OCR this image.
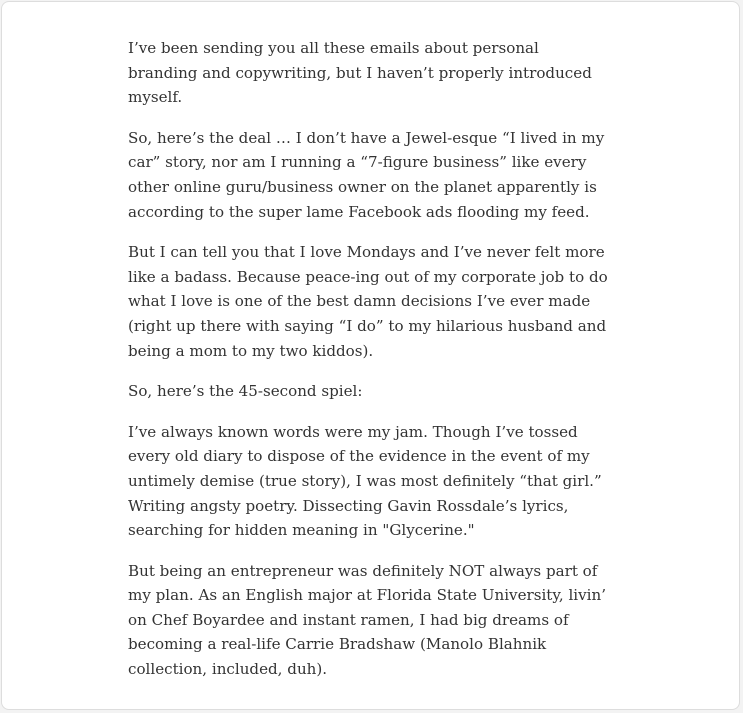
I’ve been sending you all these emails about personal branding and copywriting, but I haven’t properly introduced myself.

So, here’s the deal … I don’t have a Jewel-esque “I lived in my car” story, nor am I running a “7-figure business” like every other online guru/business owner on the planet apparently is according to the super lame Facebook ads flooding my feed.

But I can tell you that I love Mondays and I’ve never felt more like a badass. Because peace-ing out of my corporate job to do what I love is one of the best damn decisions I’ve ever made (right up there with saying “I do” to my hilarious husband and being a mom to my two kiddos).

So, here’s the 45-second spiel:

I’ve always known words were my jam. Though I’ve tossed every old diary to dispose of the evidence in the event of my untimely demise (true story), I was most definitely “that girl.” Writing angsty poetry. Dissecting Gavin Rossdale’s lyrics, searching for hidden meaning in "Glycerine."

But being an entrepreneur was definitely NOT always part of my plan. As an English major at Florida State University, livin’ on Chef Boyardee and instant ramen, I had big dreams of becoming a real-life Carrie Bradshaw (Manolo Blahnik collection, included, duh).
